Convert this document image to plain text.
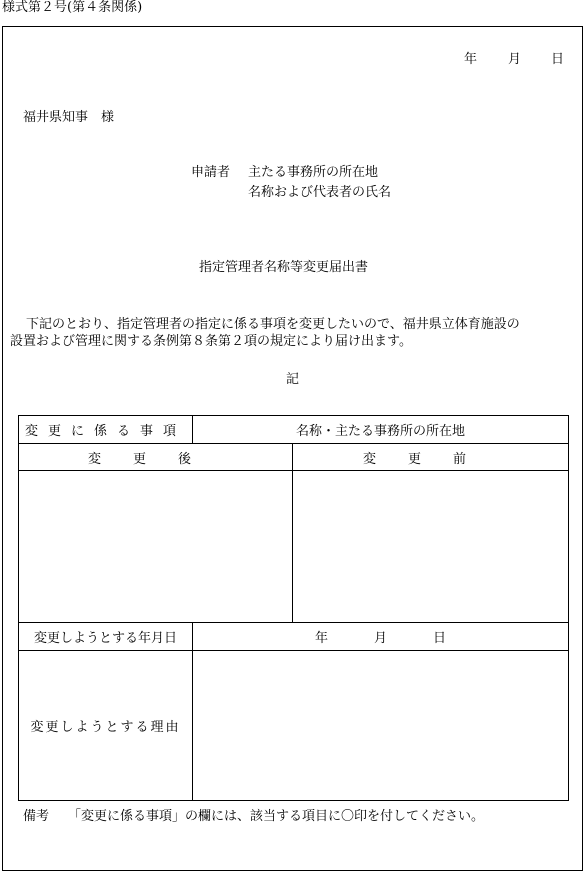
様式第２号(第４条関係)
年 月 日
福井県知事　様
申請者 主たる事務所の所在地
名称および代表者の氏名
指定管理者名称等変更届出書
下記のとおり、指定管理者の指定に係る事項を変更したいので、福井県立体育施設の
設置および管理に関する条例第８条第２項の規定により届け出ます。
記
変更に係る事項	名称・主たる事務所の所在地	
変更後		変更前

変更しようとする年月日	年 月 日	
変更しようとする理由		
備考 「変更に係る事項」の欄には、該当する項目に〇印を付してください。
